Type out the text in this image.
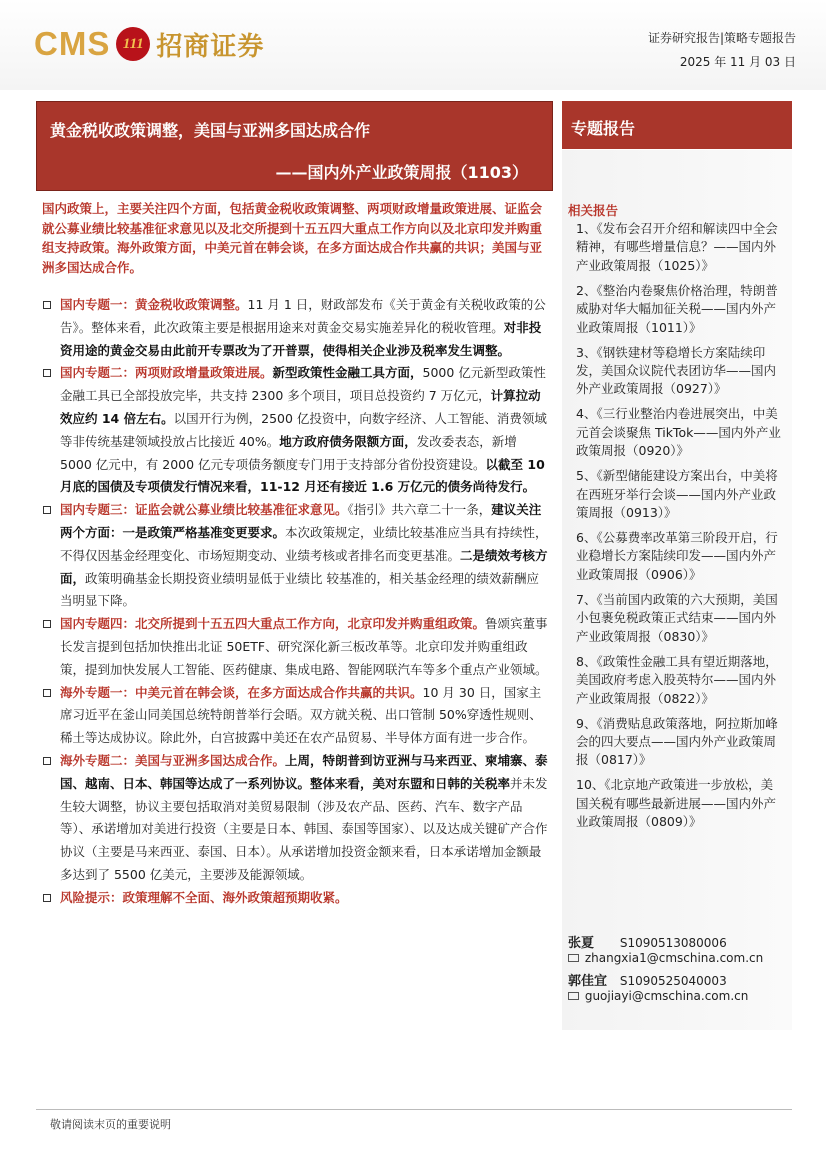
CMS 111 招商证券	证券研究报告|策略专题报告
2025 年 11 月 03 日
黄金税收政策调整，美国与亚洲多国达成合作
——国内外产业政策周报（1103）
专题报告
国内政策上，主要关注四个方面，包括黄金税收政策调整、两项财政增量政策进展、证监会就公募业绩比较基准征求意见以及北交所提到十五五四大重点工作方向以及北京印发并购重组支持政策。海外政策方面，中美元首在韩会谈，在多方面达成合作共赢的共识；美国与亚洲多国达成合作。
国内专题一：黄金税收政策调整。11 月 1 日，财政部发布《关于黄金有关税收政策的公告》。整体来看，此次政策主要是根据用途来对黄金交易实施差异化的税收管理。对非投资用途的黄金交易由此前开专票改为了开普票，使得相关企业涉及税率发生调整。
国内专题二：两项财政增量政策进展。新型政策性金融工具方面，5000 亿元新型政策性金融工具已全部投放完毕，共支持 2300 多个项目，项目总投资约 7 万亿元，计算拉动效应约 14 倍左右。以国开行为例，2500 亿投资中，向数字经济、人工智能、消费领域等非传统基建领域投放占比接近 40%。地方政府债务限额方面，发改委表态，新增 5000 亿元中，有 2000 亿元专项债务额度专门用于支持部分省份投资建设。以截至 10 月底的国债及专项债发行情况来看，11-12 月还有接近 1.6 万亿元的债务尚待发行。
国内专题三：证监会就公募业绩比较基准征求意见。《指引》共六章二十一条，建议关注两个方面：一是政策严格基准变更要求。本次政策规定，业绩比较基准应当具有持续性，不得仅因基金经理变化、市场短期变动、业绩考核或者排名而变更基准。二是绩效考核方面，政策明确基金长期投资业绩明显低于业绩比 较基准的，相关基金经理的绩效薪酬应当明显下降。
国内专题四：北交所提到十五五四大重点工作方向，北京印发并购重组政策。鲁颂宾董事长发言提到包括加快推出北证 50ETF、研究深化新三板改革等。北京印发并购重组政策，提到加快发展人工智能、医药健康、集成电路、智能网联汽车等多个重点产业领域。
海外专题一：中美元首在韩会谈，在多方面达成合作共赢的共识。10 月 30 日，国家主席习近平在釜山同美国总统特朗普举行会晤。双方就关税、出口管制 50%穿透性规则、稀土等达成协议。除此外，白宫披露中美还在农产品贸易、半导体方面有进一步合作。
海外专题二：美国与亚洲多国达成合作。上周，特朗普到访亚洲与马来西亚、柬埔寨、泰国、越南、日本、韩国等达成了一系列协议。整体来看，美对东盟和日韩的关税率并未发生较大调整，协议主要包括取消对美贸易限制（涉及农产品、医药、汽车、数字产品等）、承诺增加对美进行投资（主要是日本、韩国、泰国等国家）、以及达成关键矿产合作协议（主要是马来西亚、泰国、日本）。从承诺增加投资金额来看，日本承诺增加金额最多达到了 5500 亿美元，主要涉及能源领域。
风险提示：政策理解不全面、海外政策超预期收紧。
相关报告
1、《发布会召开介绍和解读四中全会精神，有哪些增量信息？——国内外产业政策周报（1025）》
2、《整治内卷聚焦价格治理，特朗普威胁对华大幅加征关税——国内外产业政策周报（1011）》
3、《钢铁建材等稳增长方案陆续印发，美国众议院代表团访华——国内外产业政策周报（0927）》
4、《三行业整治内卷进展突出，中美元首会谈聚焦 TikTok——国内外产业政策周报（0920）》
5、《新型储能建设方案出台，中美将在西班牙举行会谈——国内外产业政策周报（0913）》
6、《公募费率改革第三阶段开启，行业稳增长方案陆续印发——国内外产业政策周报（0906）》
7、《当前国内政策的六大预期，美国小包裹免税政策正式结束——国内外产业政策周报（0830）》
8、《政策性金融工具有望近期落地，美国政府考虑入股英特尔——国内外产业政策周报（0822）》
9、《消费贴息政策落地，阿拉斯加峰会的四大要点——国内外产业政策周报（0817）》
10、《北京地产政策进一步放松，美国关税有哪些最新进展——国内外产业政策周报（0809）》
张夏 S1090513080006
zhangxia1@cmschina.com.cn
郭佳宜 S1090525040003
guojiayi@cmschina.com.cn
敬请阅读末页的重要说明
